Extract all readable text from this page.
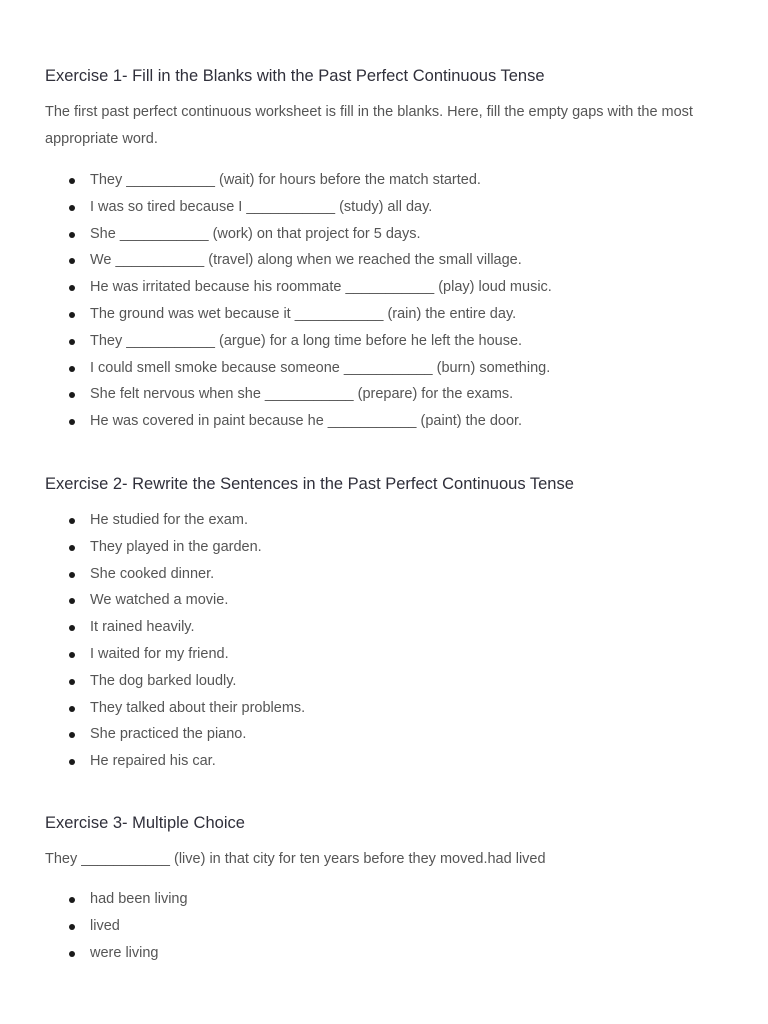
Exercise 1- Fill in the Blanks with the Past Perfect Continuous Tense

The first past perfect continuous worksheet is fill in the blanks. Here, fill the empty gaps with the most appropriate word.

They ___________ (wait) for hours before the match started.
I was so tired because I ___________ (study) all day.
She ___________ (work) on that project for 5 days.
We ___________ (travel) along when we reached the small village.
He was irritated because his roommate ___________ (play) loud music.
The ground was wet because it ___________ (rain) the entire day.
They ___________ (argue) for a long time before he left the house.
I could smell smoke because someone ___________ (burn) something.
She felt nervous when she ___________ (prepare) for the exams.
He was covered in paint because he ___________ (paint) the door.
Exercise 2- Rewrite the Sentences in the Past Perfect Continuous Tense
He studied for the exam.
They played in the garden.
She cooked dinner.
We watched a movie.
It rained heavily.
I waited for my friend.
The dog barked loudly.
They talked about their problems.
She practiced the piano.
He repaired his car.
Exercise 3- Multiple Choice

They ___________ (live) in that city for ten years before they moved.had lived

had been living
lived
were living
